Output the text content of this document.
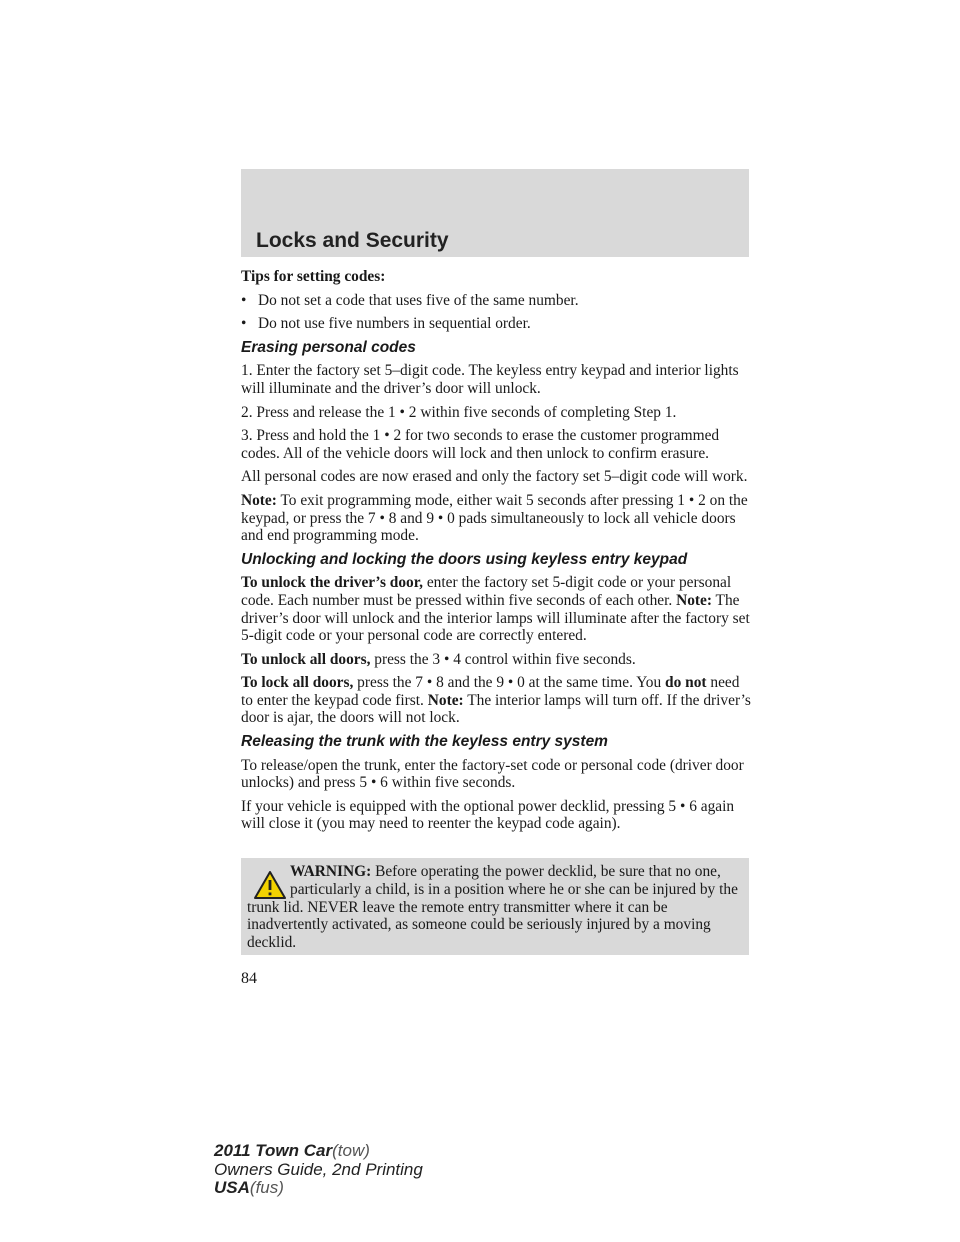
Locks and Security

Tips for setting codes:

• Do not set a code that uses five of the same number.
• Do not use five numbers in sequential order.
Erasing personal codes

1. Enter the factory set 5–digit code. The keyless entry keypad and interior lights will illuminate and the driver’s door will unlock.

2. Press and release the 1 • 2 within five seconds of completing Step 1.

3. Press and hold the 1 • 2 for two seconds to erase the customer programmed codes. All of the vehicle doors will lock and then unlock to confirm erasure.

All personal codes are now erased and only the factory set 5–digit code will work.

Note: To exit programming mode, either wait 5 seconds after pressing 1 • 2 on the keypad, or press the 7 • 8 and 9 • 0 pads simultaneously to lock all vehicle doors and end programming mode.

Unlocking and locking the doors using keyless entry keypad

To unlock the driver’s door, enter the factory set 5-digit code or your personal code. Each number must be pressed within five seconds of each other. Note: The driver’s door will unlock and the interior lamps will illuminate after the factory set 5-digit code or your personal code are correctly entered.

To unlock all doors, press the 3 • 4 control within five seconds.

To lock all doors, press the 7 • 8 and the 9 • 0 at the same time. You do not need to enter the keypad code first. Note: The interior lamps will turn off. If the driver’s door is ajar, the doors will not lock.

Releasing the trunk with the keyless entry system

To release/open the trunk, enter the factory-set code or personal code (driver door unlocks) and press 5 • 6 within five seconds.

If your vehicle is equipped with the optional power decklid, pressing 5 • 6 again will close it (you may need to reenter the keypad code again).

WARNING: Before operating the power decklid, be sure that no one, particularly a child, is in a position where he or she can be injured by the trunk lid. NEVER leave the remote entry transmitter where it can be inadvertently activated, as someone could be seriously injured by a moving decklid.
84
2011 Town Car(tow)
Owners Guide, 2nd Printing
USA(fus)
